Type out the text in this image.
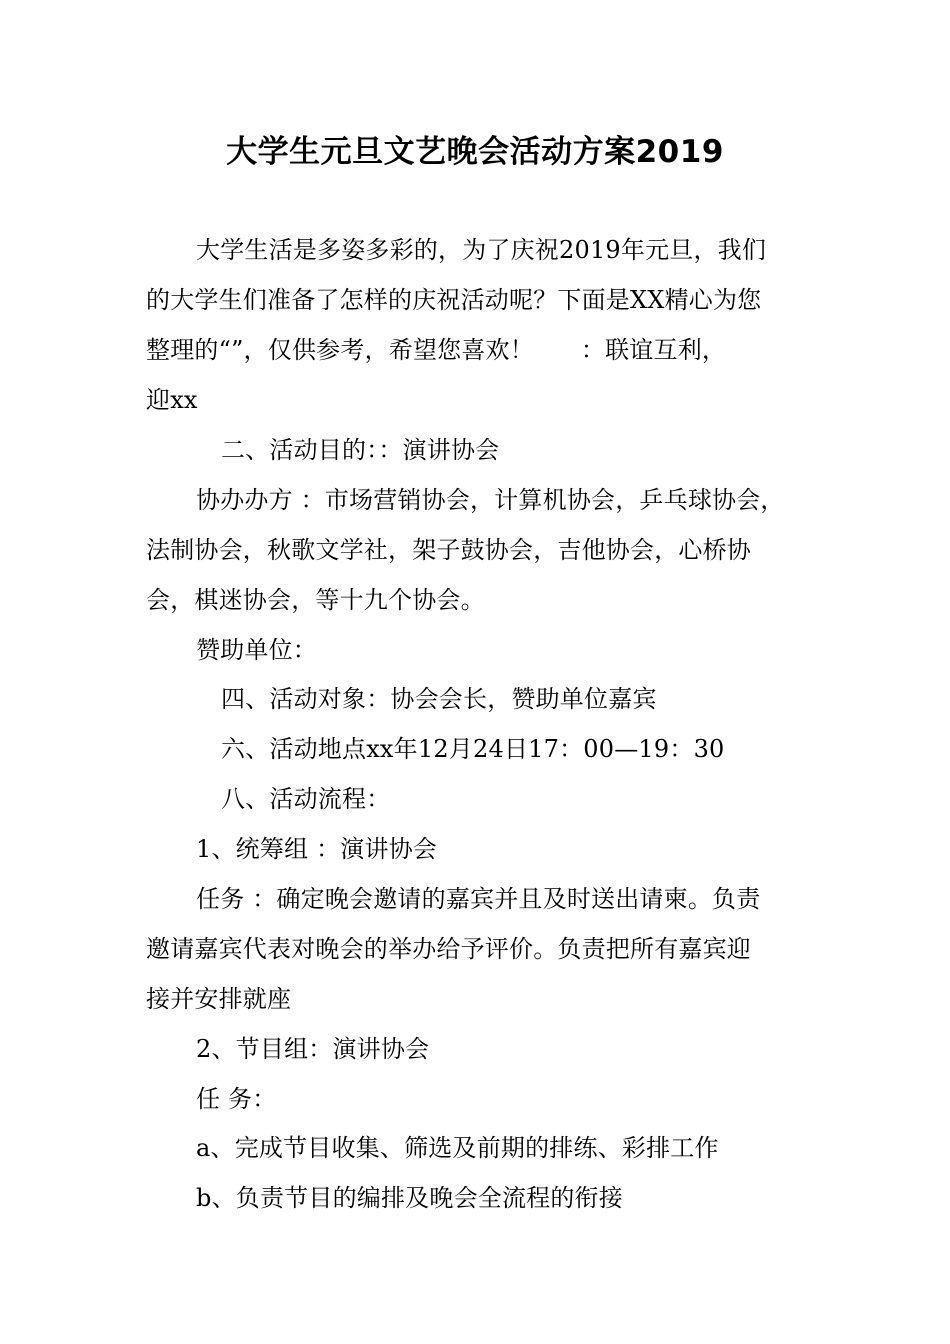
大学生元旦文艺晚会活动方案2019
大学生活是多姿多彩的，为了庆祝2019年元旦，我们
的大学生们准备了怎样的庆祝活动呢？下面是XX精心为您
整理的“”，仅供参考，希望您喜欢！      ：联谊互利，
迎xx
二、活动目的：：演讲协会
协办办方 ：市场营销协会，计算机协会，乒乓球协会，
法制协会，秋歌文学社，架子鼓协会，吉他协会，心桥协
会，棋迷协会，等十九个协会。
赞助单位：
四、活动对象：协会会长，赞助单位嘉宾
六、活动地点xx年12月24日17：00—19：30
八、活动流程：
1、统筹组 ：演讲协会
任务 ：确定晚会邀请的嘉宾并且及时送出请柬。负责
邀请嘉宾代表对晚会的举办给予评价。负责把所有嘉宾迎
接并安排就座
2、节目组：演讲协会
任 务：
a、完成节目收集、筛选及前期的排练、彩排工作
b、负责节目的编排及晚会全流程的衔接
